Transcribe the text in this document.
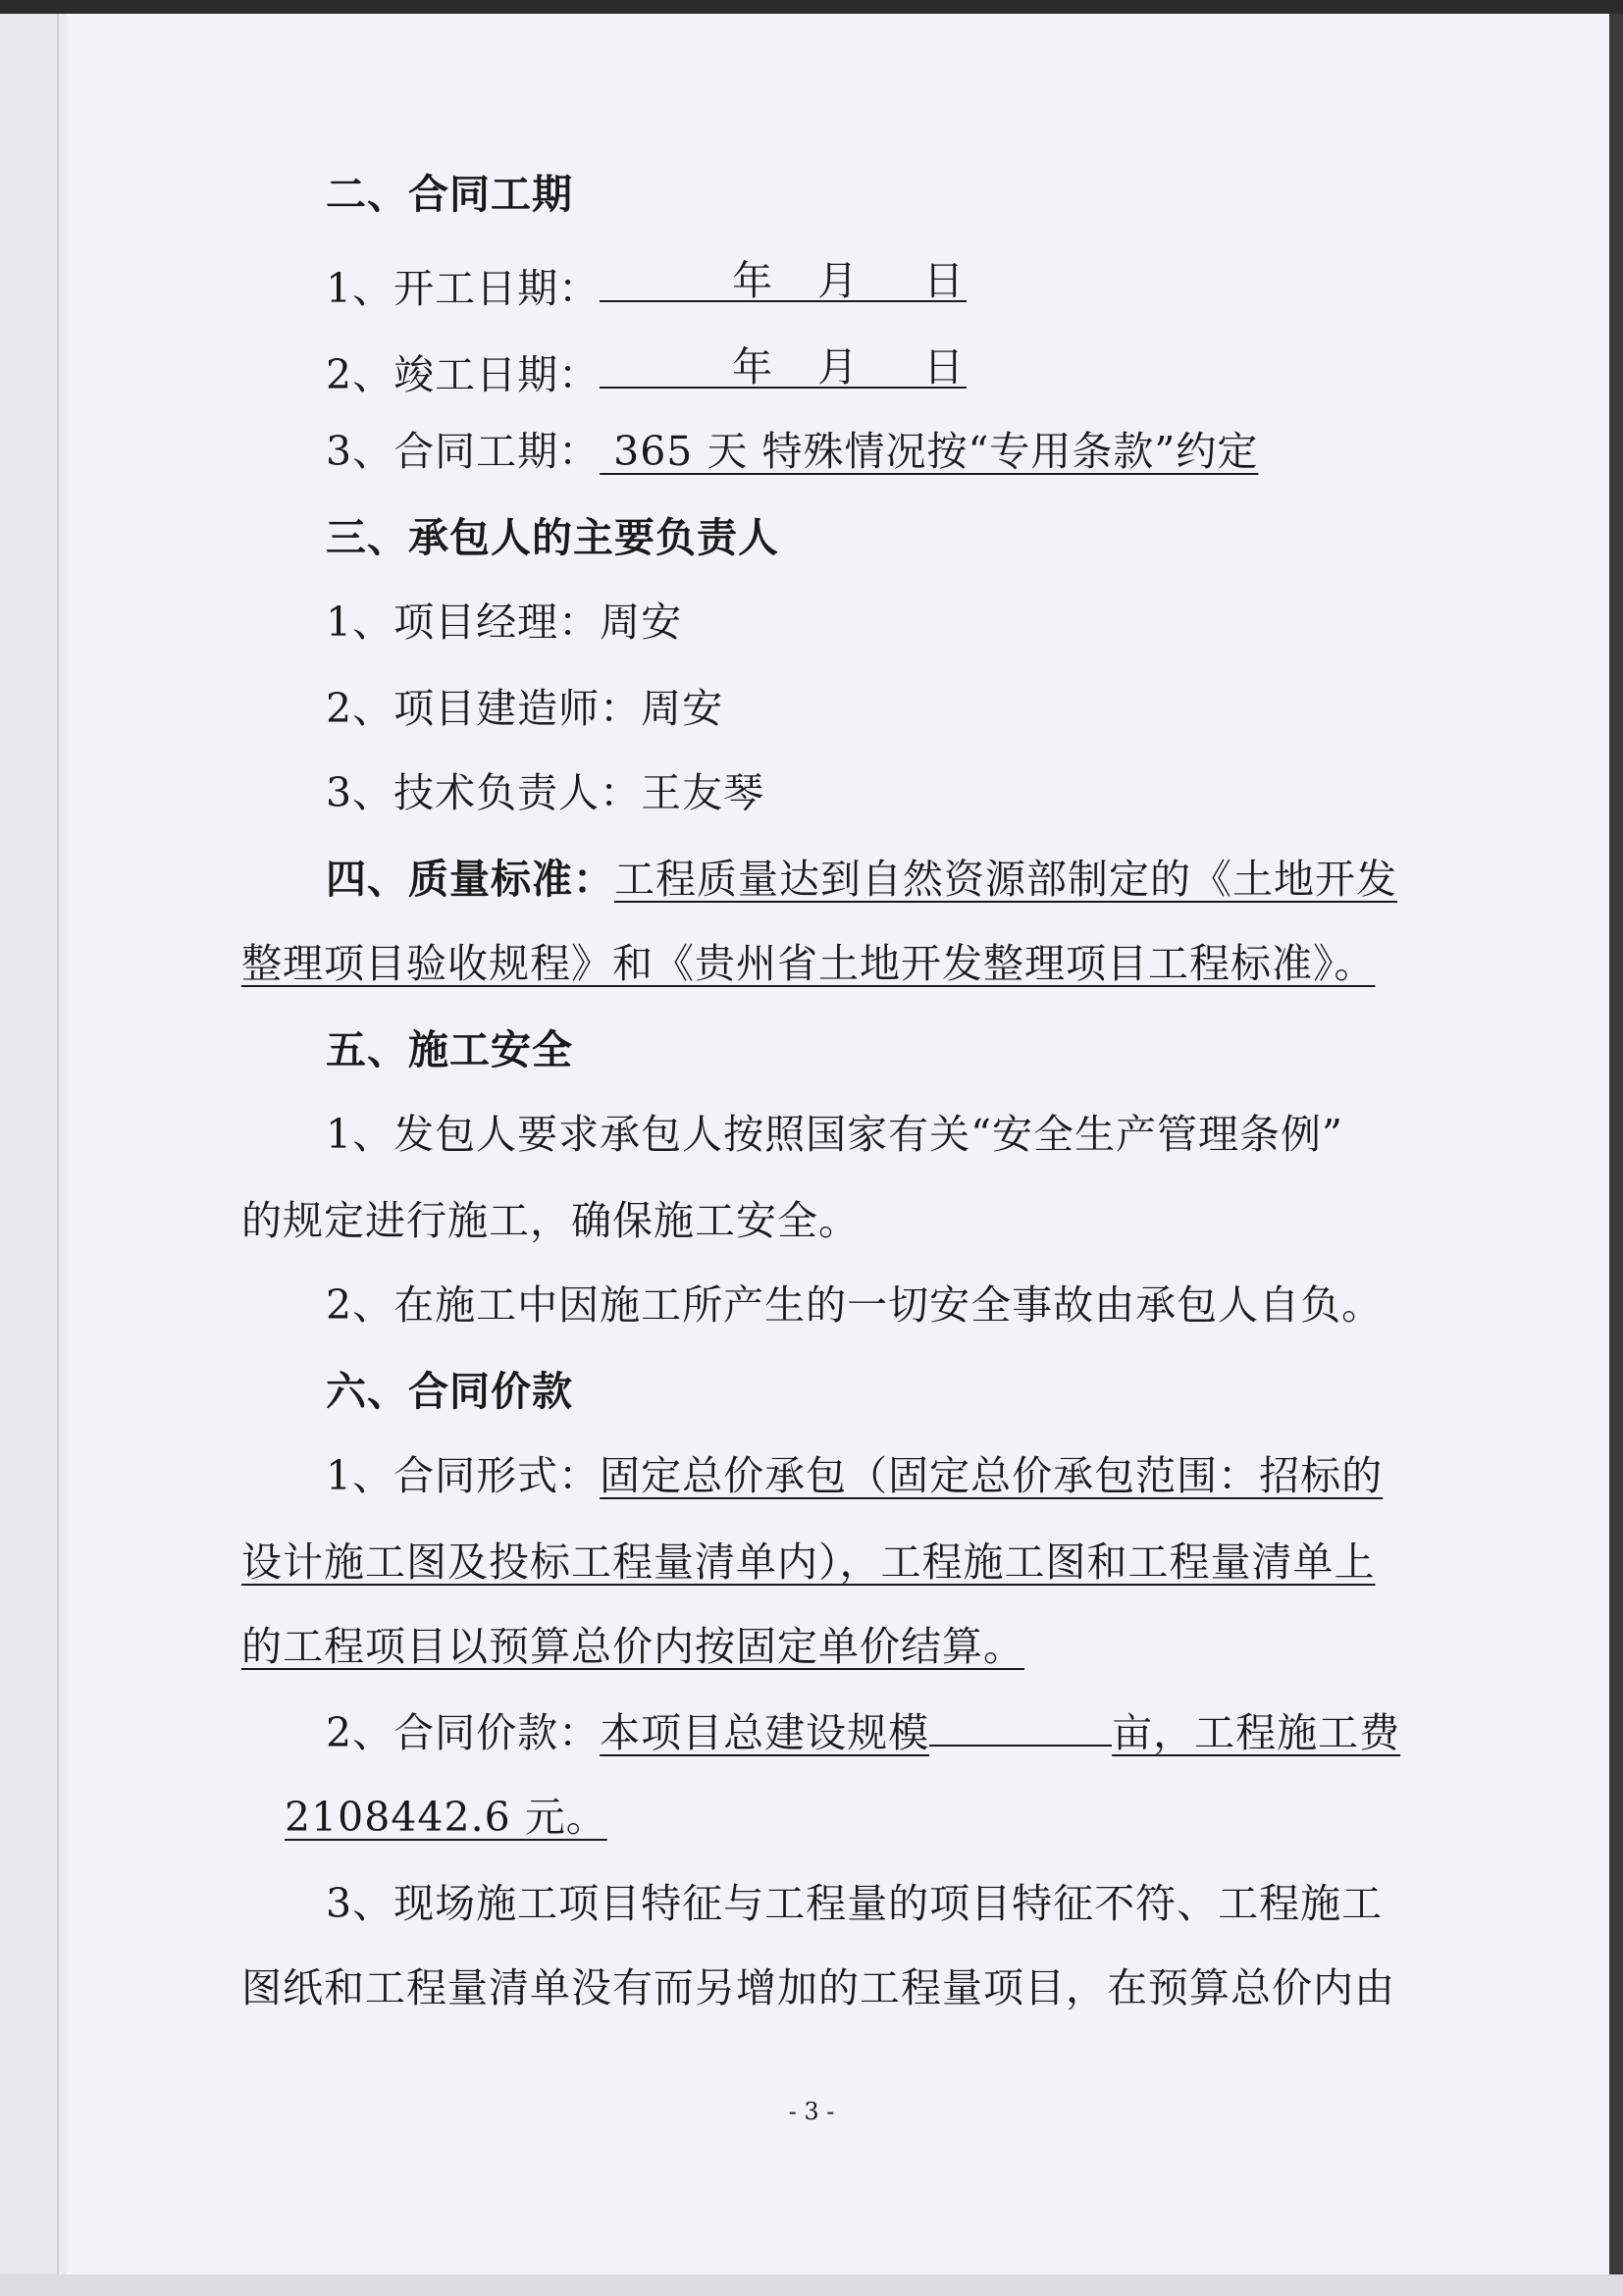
二、合同工期
1、开工日期：	年 月 日
2、竣工日期：	年 月 日
3、合同工期： 365 天 特殊情况按“专用条款”约定
三、承包人的主要负责人
1、项目经理：周安
2、项目建造师：周安
3、技术负责人：王友琴
四、质量标准：工程质量达到自然资源部制定的《土地开发
整理项目验收规程》和《贵州省土地开发整理项目工程标准》。
五、施工安全
1、发包人要求承包人按照国家有关“安全生产管理条例”
的规定进行施工，确保施工安全。
2、在施工中因施工所产生的一切安全事故由承包人自负。
六、合同价款
1、合同形式：固定总价承包（固定总价承包范围：招标的
设计施工图及投标工程量清单内），工程施工图和工程量清单上
的工程项目以预算总价内按固定单价结算。
2、合同价款：本项目总建设规模	亩，工程施工费
2108442.6 元。
3、现场施工项目特征与工程量的项目特征不符、工程施工
图纸和工程量清单没有而另增加的工程量项目，在预算总价内由
- 3 -
